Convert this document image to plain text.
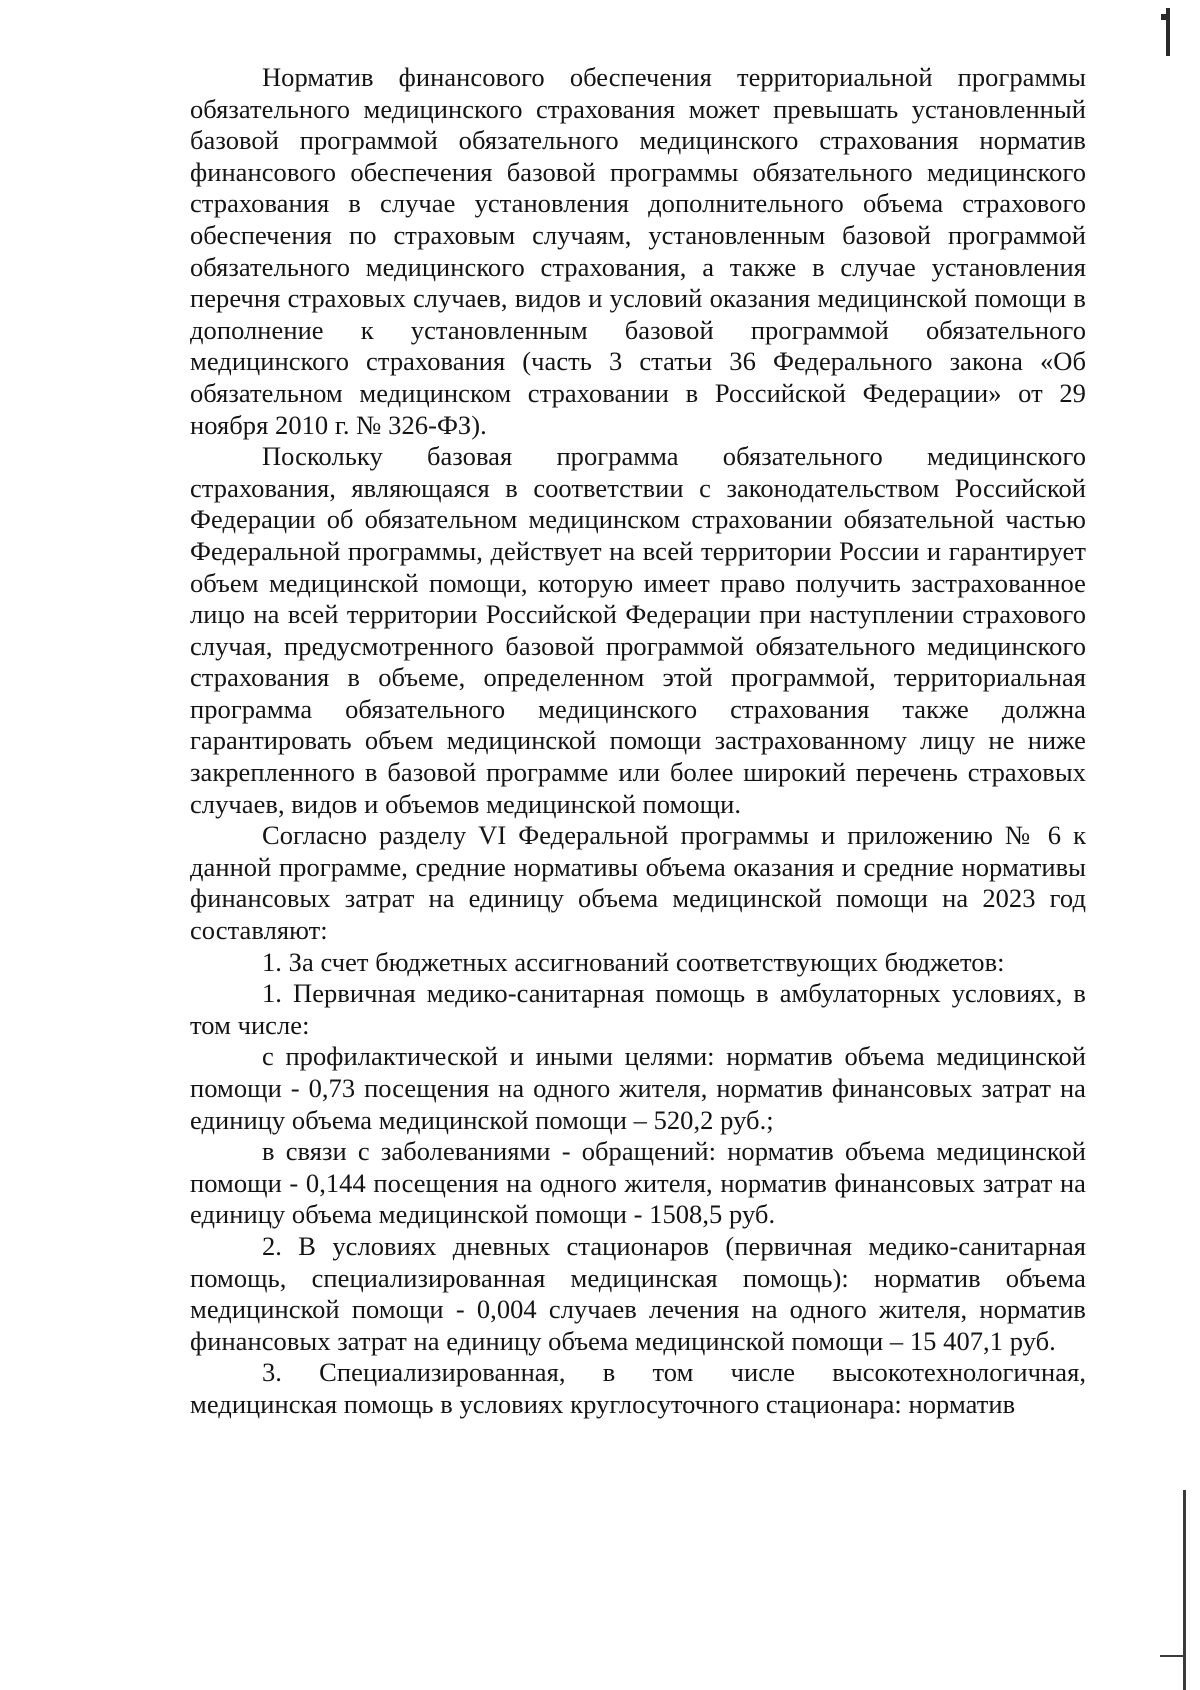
Норматив финансового обеспечения территориальной программы обязательного медицинского страхования может превышать установленный базовой программой обязательного медицинского страхования норматив финансового обеспечения базовой программы обязательного медицинского страхования в случае установления дополнительного объема страхового обеспечения по страховым случаям, установленным базовой программой обязательного медицинского страхования, а также в случае установления перечня страховых случаев, видов и условий оказания медицинской помощи в дополнение к установленным базовой программой обязательного медицинского страхования (часть 3 статьи 36 Федерального закона «Об обязательном медицинском страховании в Российской Федерации» от 29 ноября 2010 г. № 326-ФЗ).

Поскольку базовая программа обязательного медицинского страхования, являющаяся в соответствии с законодательством Российской Федерации об обязательном медицинском страховании обязательной частью Федеральной программы, действует на всей территории России и гарантирует объем медицинской помощи, которую имеет право получить застрахованное лицо на всей территории Российской Федерации при наступлении страхового случая, предусмотренного базовой программой обязательного медицинского страхования в объеме, определенном этой программой, территориальная программа обязательного медицинского страхования также должна гарантировать объем медицинской помощи застрахованному лицу не ниже закрепленного в базовой программе или более широкий перечень страховых случаев, видов и объемов медицинской помощи.

Согласно разделу VI Федеральной программы и приложению № 6 к данной программе, средние нормативы объема оказания и средние нормативы финансовых затрат на единицу объема медицинской помощи на 2023 год составляют:

1. За счет бюджетных ассигнований соответствующих бюджетов:

1. Первичная медико-санитарная помощь в амбулаторных условиях, в том числе:

с профилактической и иными целями: норматив объема медицинской помощи - 0,73 посещения на одного жителя, норматив финансовых затрат на единицу объема медицинской помощи – 520,2 руб.;

в связи с заболеваниями - обращений: норматив объема медицинской помощи - 0,144 посещения на одного жителя, норматив финансовых затрат на единицу объема медицинской помощи - 1508,5 руб.

2. В условиях дневных стационаров (первичная медико-санитарная помощь, специализированная медицинская помощь): норматив объема медицинской помощи - 0,004 случаев лечения на одного жителя, норматив финансовых затрат на единицу объема медицинской помощи – 15 407,1 руб.

3. Специализированная, в том числе высокотехнологичная, медицинская помощь в условиях круглосуточного стационара: норматив
